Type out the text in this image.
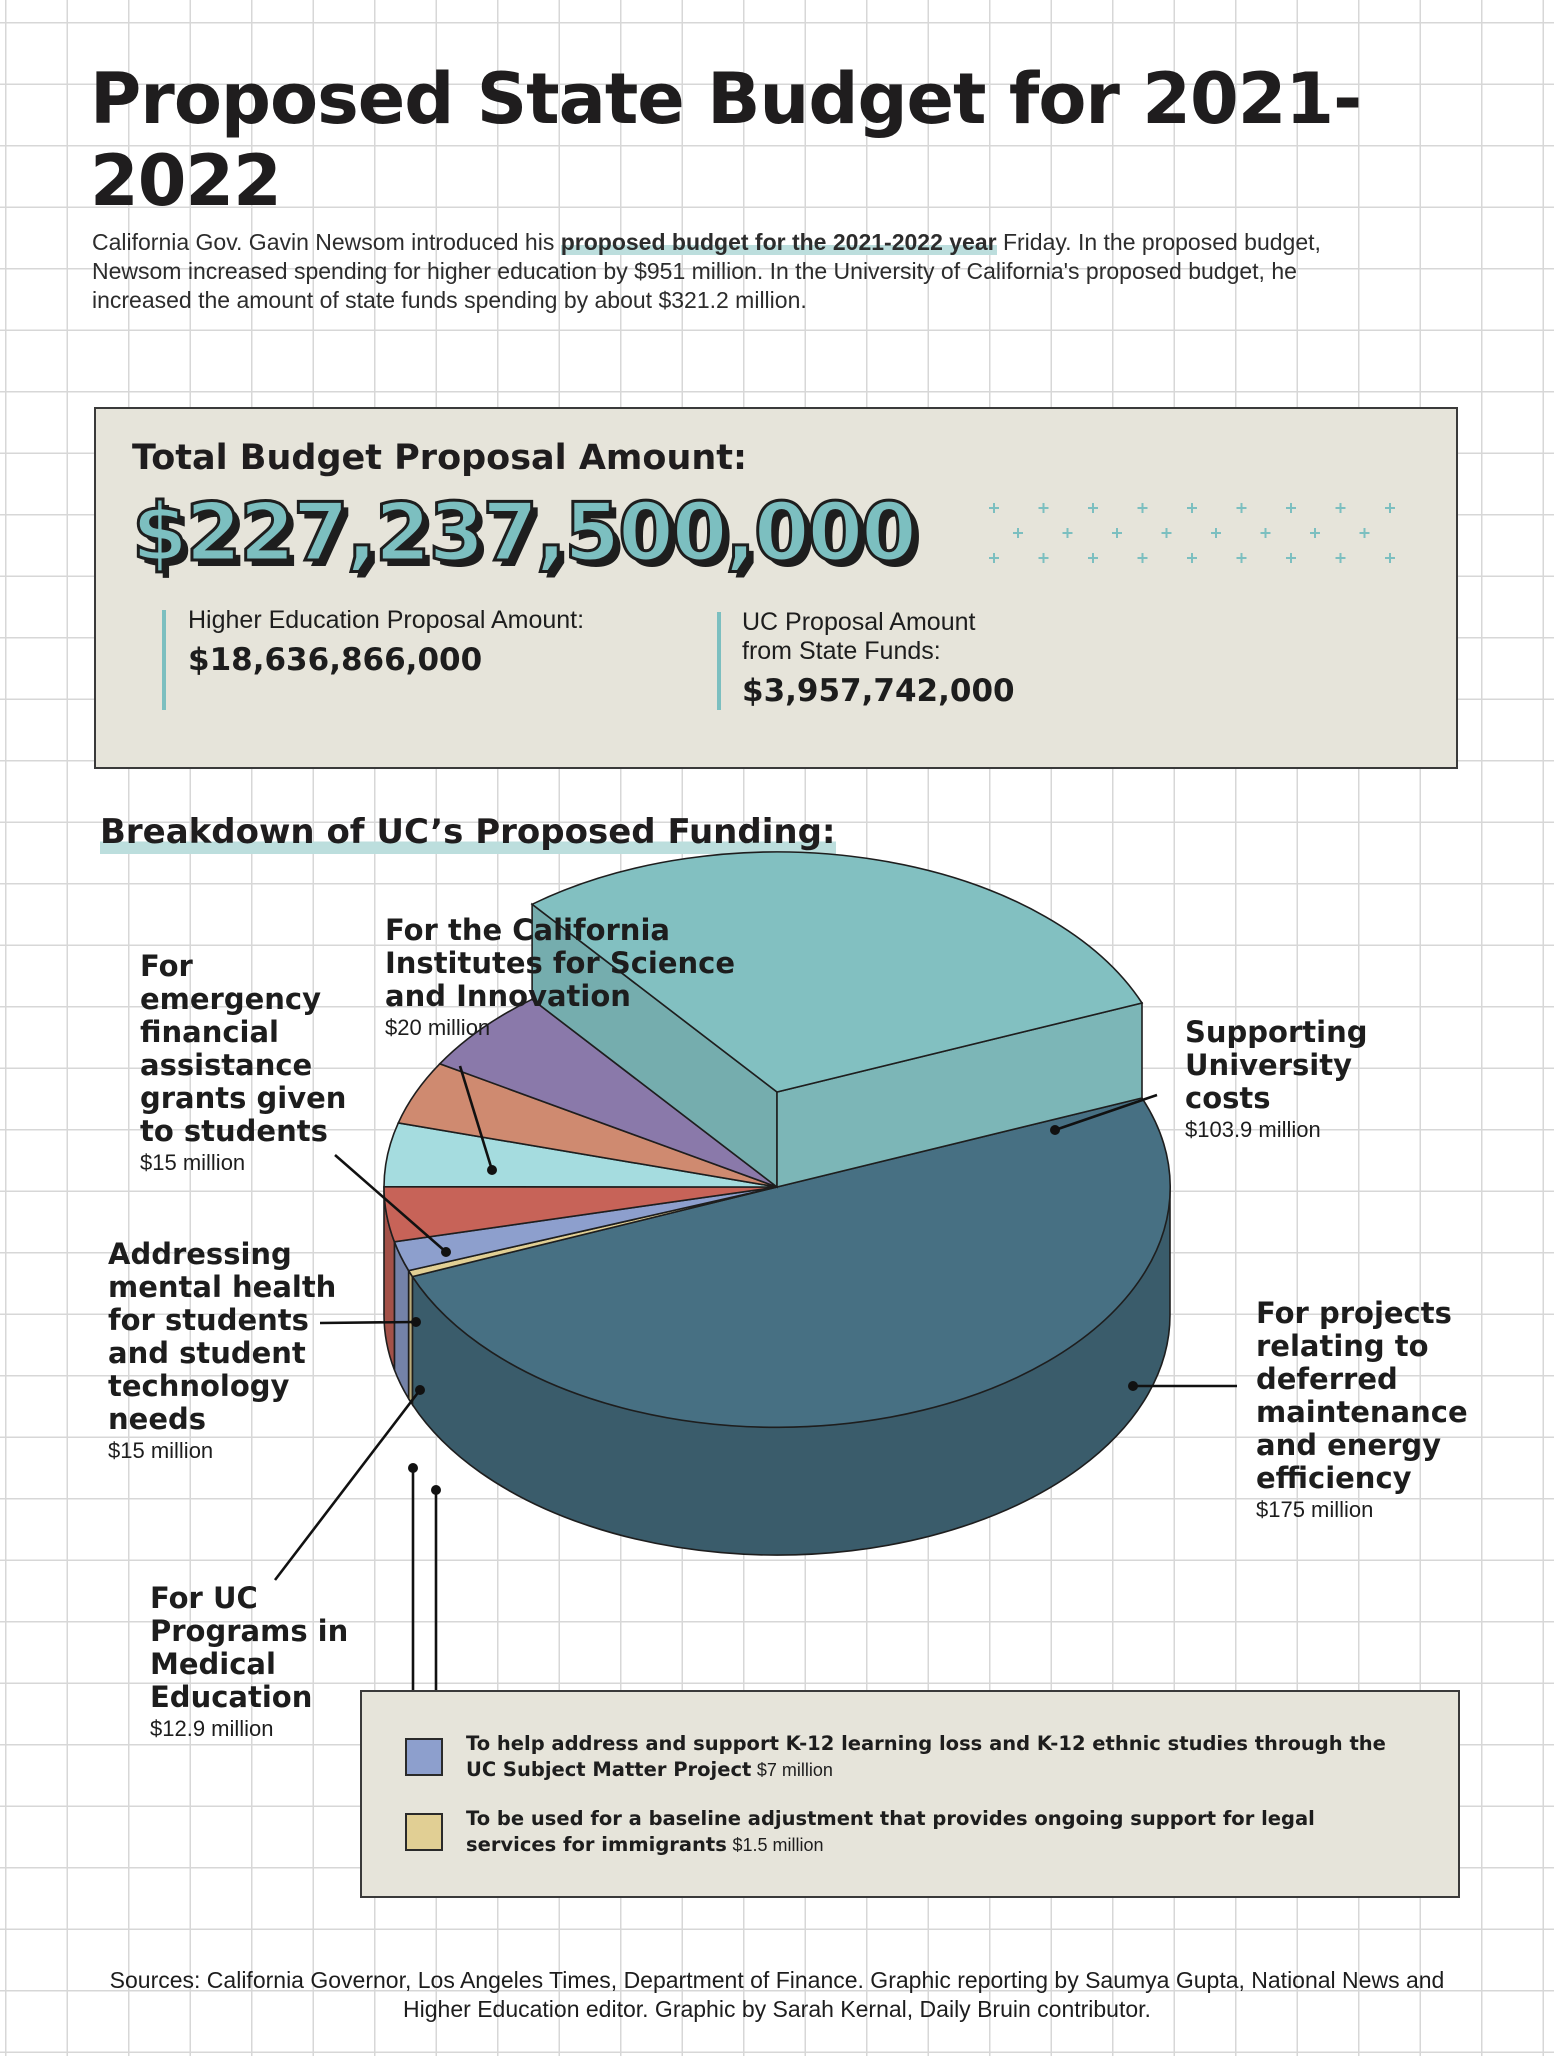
Proposed State Budget for 2021-2022

California Gov. Gavin Newsom introduced his proposed budget for the 2021-2022 year Friday. In the proposed budget, Newsom increased spending for higher education by $951 million. In the University of California's proposed budget, he increased the amount of state funds spending by about $321.2 million.

Total Budget Proposal Amount:
$227,237,500,000
Higher Education Proposal Amount:
$18,636,866,000
UC Proposal Amount
from State Funds:
$3,957,742,000
Breakdown of UC’s Proposed Funding:

For the California
Institutes for Science
and Innovation

$20 million

For
emergency
financial
assistance
grants given
to students

$15 million

Supporting
University
costs

$103.9 million

Addressing
mental health
for students
and student
technology
needs

$15 million

For projects
relating to
deferred
maintenance
and energy
efficiency

$175 million

For UC
Programs in
Medical
Education

$12.9 million

To help address and support K-12 learning loss and K-12 ethnic studies through the UC Subject Matter Project $7 million
To be used for a baseline adjustment that provides ongoing support for legal services for immigrants $1.5 million
Sources: California Governor, Los Angeles Times, Department of Finance. Graphic reporting by Saumya Gupta, National News and Higher Education editor. Graphic by Sarah Kernal, Daily Bruin contributor.
